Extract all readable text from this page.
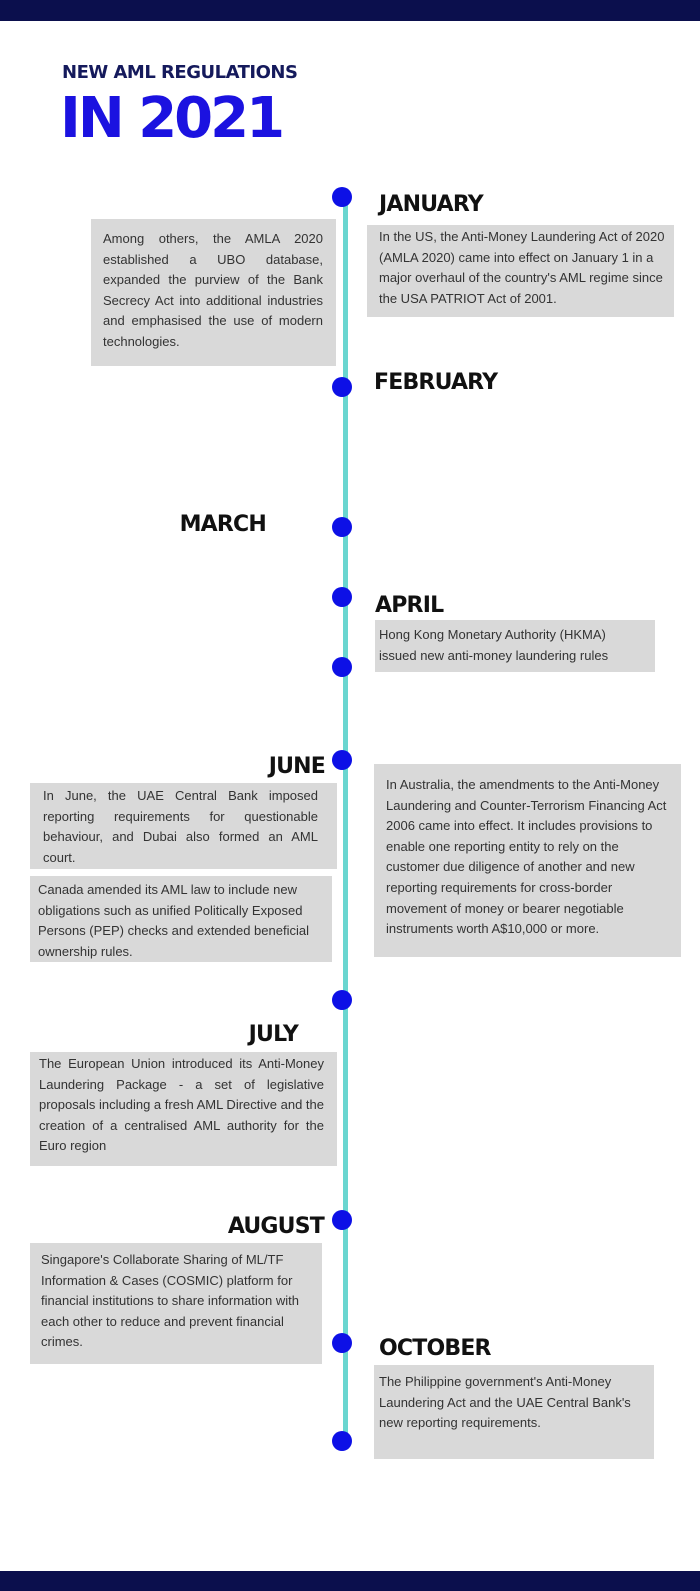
NEW AML REGULATIONS
IN 2021
JANUARY
FEBRUARY
MARCH
APRIL
JUNE
JULY
AUGUST
OCTOBER

In the US, the Anti-Money Laundering Act of 2020 (AMLA 2020) came into effect on January 1 in a major overhaul of the country's AML regime since the USA PATRIOT Act of 2001.

Among others, the AMLA 2020 established a UBO database, expanded the purview of the Bank Secrecy Act into additional industries and emphasised the use of modern technologies.

Hong Kong Monetary Authority (HKMA) issued new anti-money laundering rules

In June, the UAE Central Bank imposed reporting requirements for questionable behaviour, and Dubai also formed an AML court.

Canada amended its AML law to include new obligations such as unified Politically Exposed Persons (PEP) checks and extended beneficial ownership rules.

In Australia, the amendments to the Anti-Money Laundering and Counter-Terrorism Financing Act 2006 came into effect. It includes provisions to enable one reporting entity to rely on the customer due diligence of another and new reporting requirements for cross-border movement of money or bearer negotiable instruments worth A$10,000 or more.

The European Union introduced its Anti-Money Laundering Package - a set of legislative proposals including a fresh AML Directive and the creation of a centralised AML authority for the Euro region

Singapore's Collaborate Sharing of ML/TF Information & Cases (COSMIC) platform for financial institutions to share information with each other to reduce and prevent financial crimes.

The Philippine government's Anti-Money Laundering Act and the UAE Central Bank's new reporting requirements.
